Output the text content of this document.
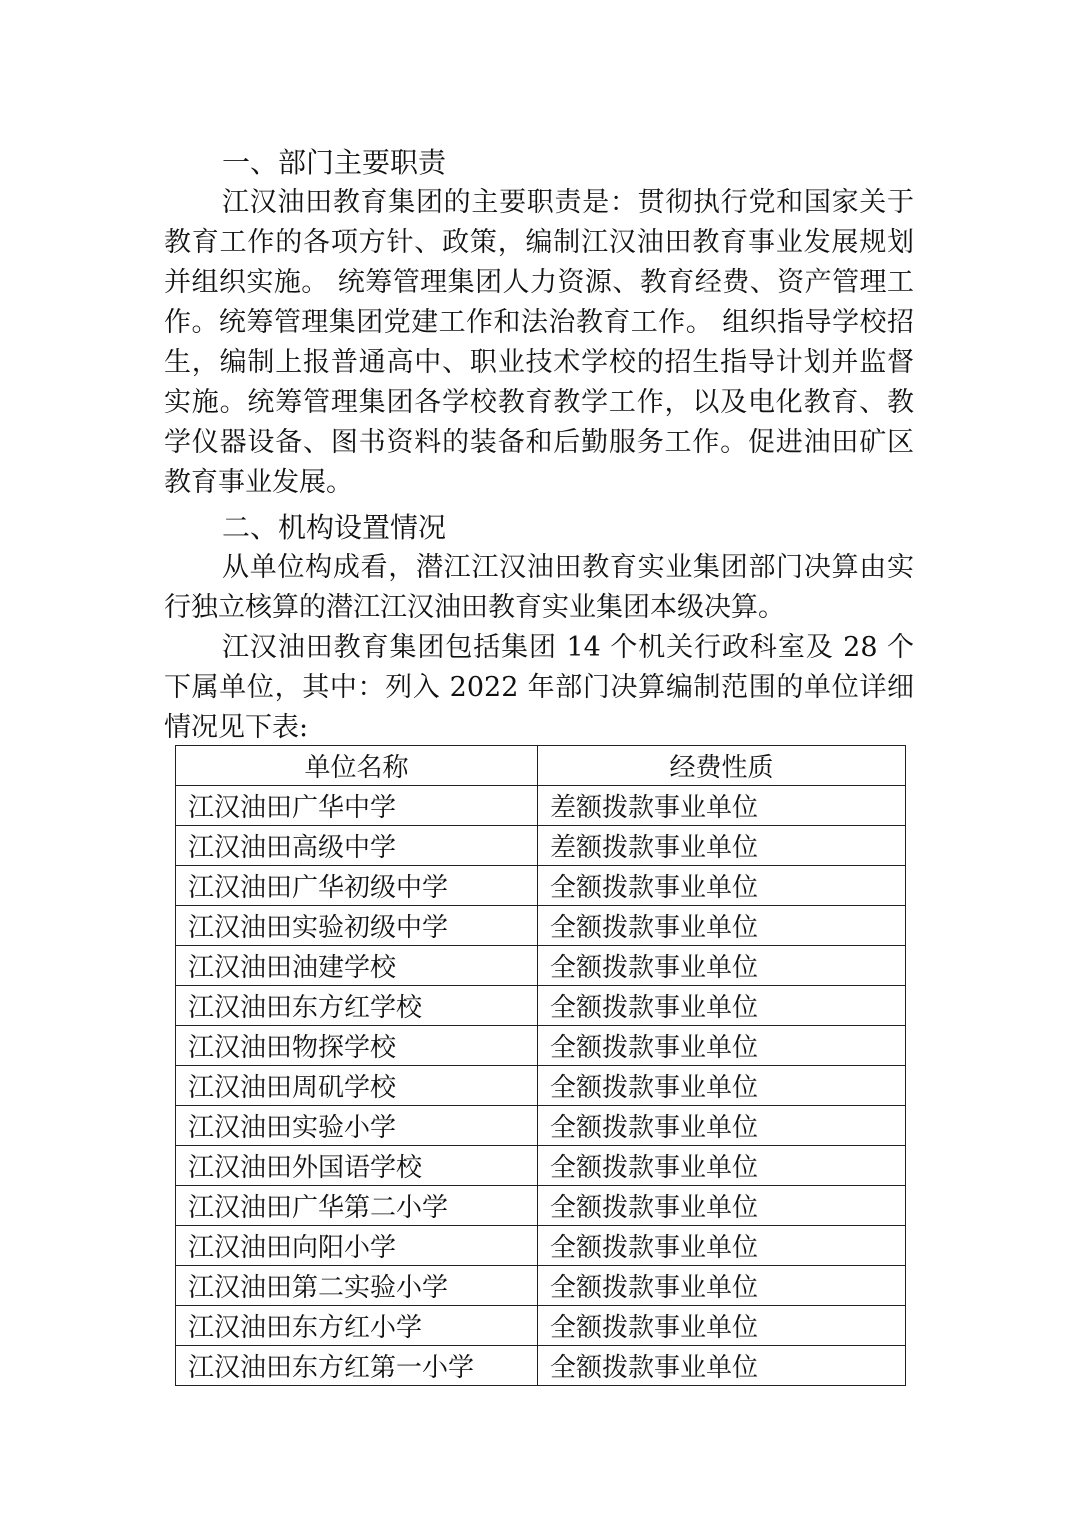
一、部门主要职责

江汉油田教育集团的主要职责是：贯彻执行党和国家关于教育工作的各项方针、政策，编制江汉油田教育事业发展规划并组织实施。 统筹管理集团人力资源、教育经费、资产管理工作。统筹管理集团党建工作和法治教育工作。 组织指导学校招生，编制上报普通高中、职业技术学校的招生指导计划并监督实施。统筹管理集团各学校教育教学工作，以及电化教育、教学仪器设备、图书资料的装备和后勤服务工作。促进油田矿区教育事业发展。

二、机构设置情况

从单位构成看，潜江江汉油田教育实业集团部门决算由实行独立核算的潜江江汉油田教育实业集团本级决算。

江汉油田教育集团包括集团 14 个机关行政科室及 28 个下属单位，其中：列入 2022 年部门决算编制范围的单位详细情况见下表:

单位名称	经费性质
江汉油田广华中学	差额拨款事业单位
江汉油田高级中学	差额拨款事业单位
江汉油田广华初级中学	全额拨款事业单位
江汉油田实验初级中学	全额拨款事业单位
江汉油田油建学校	全额拨款事业单位
江汉油田东方红学校	全额拨款事业单位
江汉油田物探学校	全额拨款事业单位
江汉油田周矶学校	全额拨款事业单位
江汉油田实验小学	全额拨款事业单位
江汉油田外国语学校	全额拨款事业单位
江汉油田广华第二小学	全额拨款事业单位
江汉油田向阳小学	全额拨款事业单位
江汉油田第二实验小学	全额拨款事业单位
江汉油田东方红小学	全额拨款事业单位
江汉油田东方红第一小学	全额拨款事业单位
